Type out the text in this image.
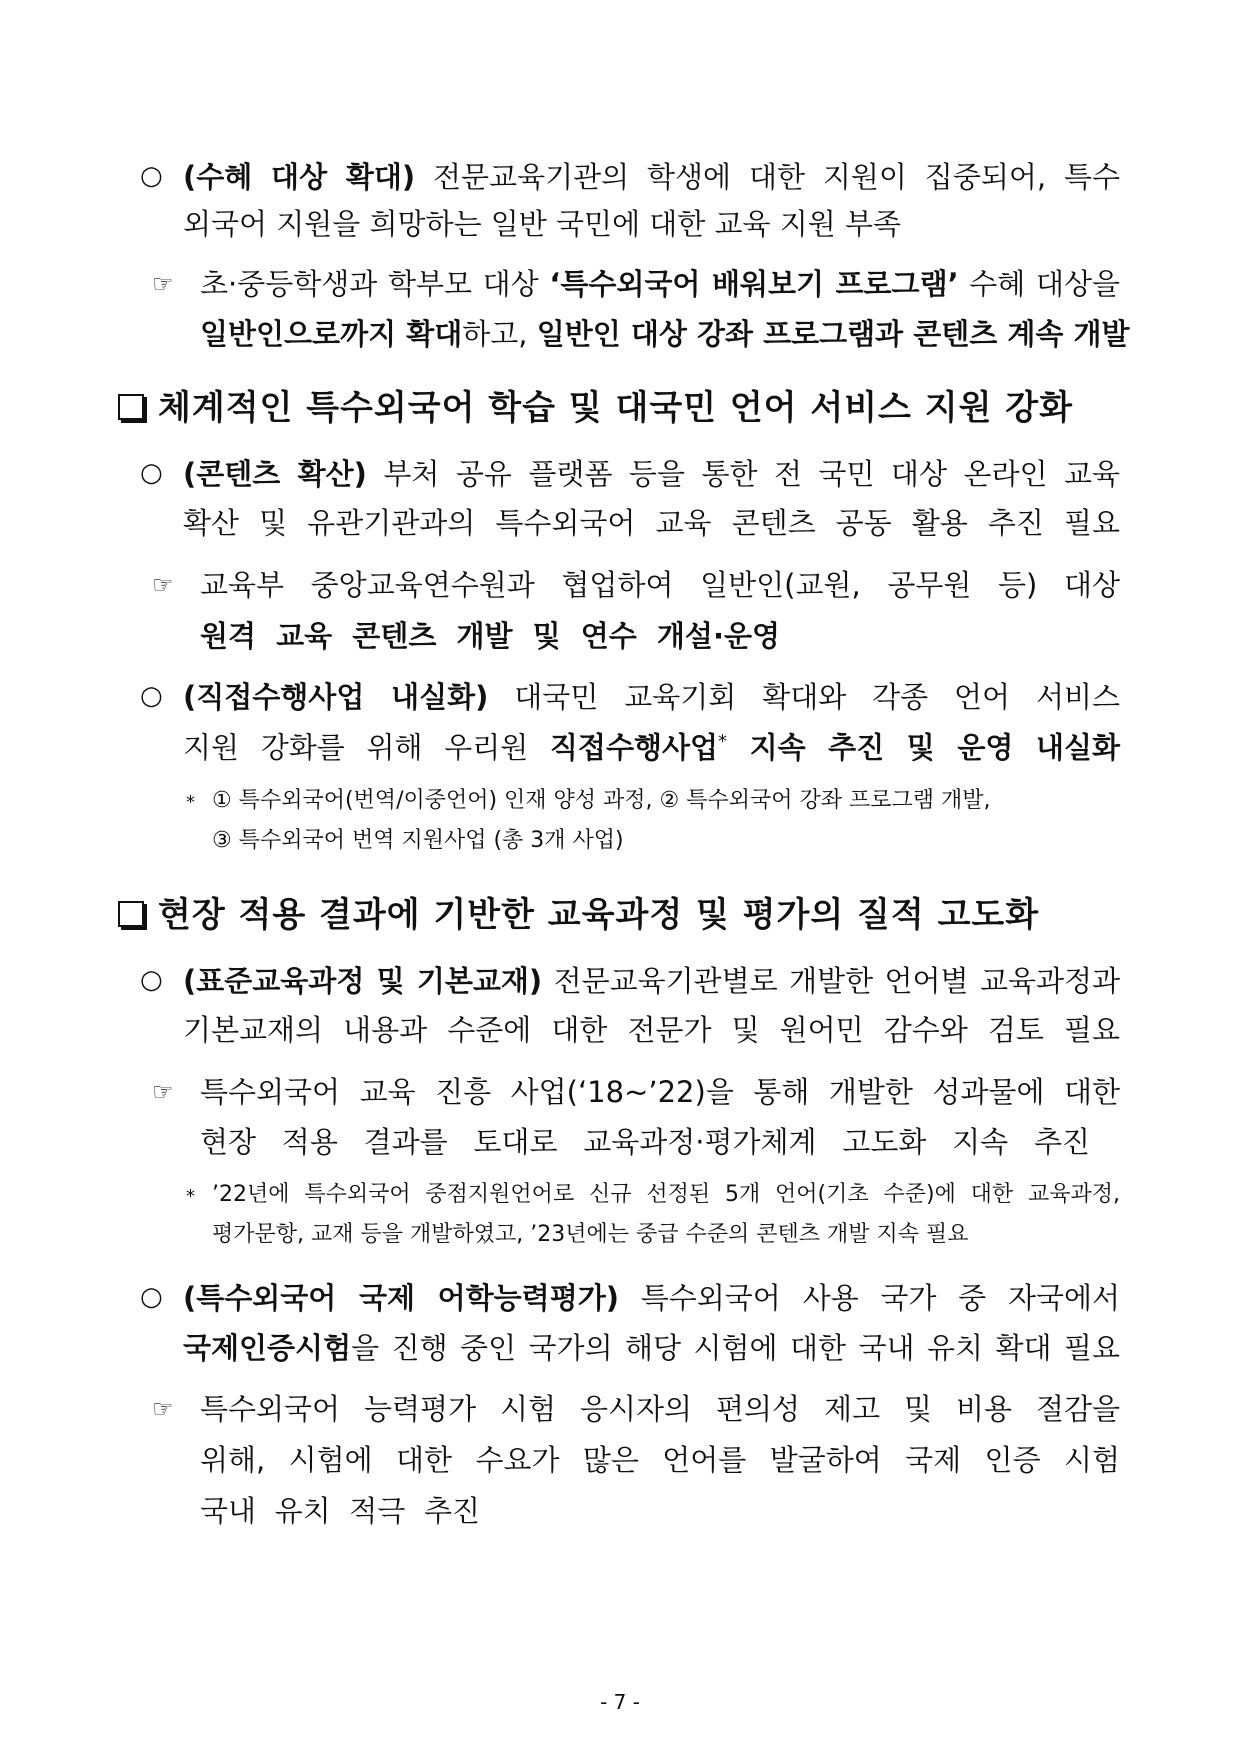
○ (수혜 대상 확대) 전문교육기관의 학생에 대한 지원이 집중되어, 특수
외국어 지원을 희망하는 일반 국민에 대한 교육 지원 부족
☞ 초·중등학생과 학부모 대상 ‘특수외국어 배워보기 프로그램’ 수혜 대상을
일반인으로까지 확대하고, 일반인 대상 강좌 프로그램과 콘텐츠 계속 개발
체계적인 특수외국어 학습 및 대국민 언어 서비스 지원 강화
○ (콘텐츠 확산) 부처 공유 플랫폼 등을 통한 전 국민 대상 온라인 교육
확산 및 유관기관과의 특수외국어 교육 콘텐츠 공동 활용 추진 필요
☞ 교육부 중앙교육연수원과 협업하여 일반인(교원, 공무원 등) 대상
원격 교육 콘텐츠 개발 및 연수 개설·운영
○ (직접수행사업 내실화) 대국민 교육기회 확대와 각종 언어 서비스
지원 강화를 위해 우리원 직접수행사업* 지속 추진 및 운영 내실화
* ① 특수외국어(번역/이중언어) 인재 양성 과정, ② 특수외국어 강좌 프로그램 개발,
③ 특수외국어 번역 지원사업 (총 3개 사업)
현장 적용 결과에 기반한 교육과정 및 평가의 질적 고도화
○ (표준교육과정 및 기본교재) 전문교육기관별로 개발한 언어별 교육과정과
기본교재의 내용과 수준에 대한 전문가 및 원어민 감수와 검토 필요
☞ 특수외국어 교육 진흥 사업(‘18~’22)을 통해 개발한 성과물에 대한
현장 적용 결과를 토대로 교육과정·평가체계 고도화 지속 추진
* ’22년에 특수외국어 중점지원언어로 신규 선정된 5개 언어(기초 수준)에 대한 교육과정,
평가문항, 교재 등을 개발하였고, ’23년에는 중급 수준의 콘텐츠 개발 지속 필요
○ (특수외국어 국제 어학능력평가) 특수외국어 사용 국가 중 자국에서
국제인증시험을 진행 중인 국가의 해당 시험에 대한 국내 유치 확대 필요
☞ 특수외국어 능력평가 시험 응시자의 편의성 제고 및 비용 절감을
위해, 시험에 대한 수요가 많은 언어를 발굴하여 국제 인증 시험
국내 유치 적극 추진
- 7 -
